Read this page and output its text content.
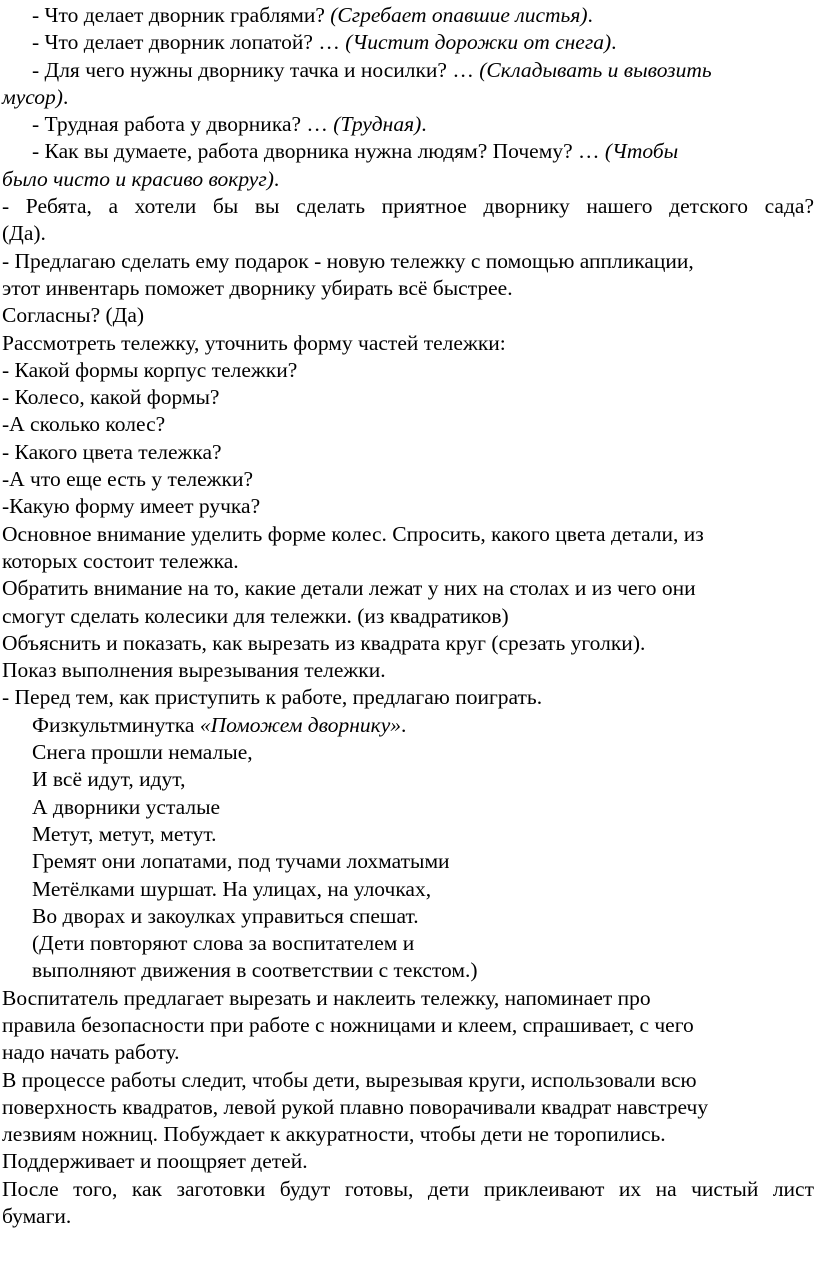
- Что делает дворник граблями? (Сгребает опавшие листья).
- Что делает дворник лопатой? … (Чистит дорожки от снега).
- Для чего нужны дворнику тачка и носилки? … (Складывать и вывозить
мусор).
- Трудная работа у дворника? … (Трудная).
- Как вы думаете, работа дворника нужна людям? Почему? … (Чтобы
было чисто и красиво вокруг).
- Ребята, а хотели бы вы сделать приятное дворнику нашего детского сада?
(Да).
- Предлагаю сделать ему подарок - новую тележку с помощью аппликации,
этот инвентарь поможет дворнику убирать всё быстрее.
Согласны? (Да)
Рассмотреть тележку, уточнить форму частей тележки:
- Какой формы корпус тележки?
- Колесо, какой формы?
-А сколько колес?
- Какого цвета тележка?
-А что еще есть у тележки?
-Какую форму имеет ручка?
Основное внимание уделить форме колес. Спросить, какого цвета детали, из
которых состоит тележка.
Обратить внимание на то, какие детали лежат у них на столах и из чего они
смогут сделать колесики для тележки. (из квадратиков)
Объяснить и показать, как вырезать из квадрата круг (срезать уголки).
Показ выполнения вырезывания тележки.
- Перед тем, как приступить к работе, предлагаю поиграть.
Физкультминутка «Поможем дворнику».
Снега прошли немалые,
И всё идут, идут,
А дворники усталые
Метут, метут, метут.
Гремят они лопатами, под тучами лохматыми
Метёлками шуршат. На улицах, на улочках,
Во дворах и закоулках управиться спешат.
(Дети повторяют слова за воспитателем и
выполняют движения в соответствии с текстом.)
Воспитатель предлагает вырезать и наклеить тележку, напоминает про
правила безопасности при работе с ножницами и клеем, спрашивает, с чего
надо начать работу.
В процессе работы следит, чтобы дети, вырезывая круги, использовали всю
поверхность квадратов, левой рукой плавно поворачивали квадрат навстречу
лезвиям ножниц. Побуждает к аккуратности, чтобы дети не торопились.
Поддерживает и поощряет детей.
После того, как заготовки будут готовы, дети приклеивают их на чистый лист
бумаги.
